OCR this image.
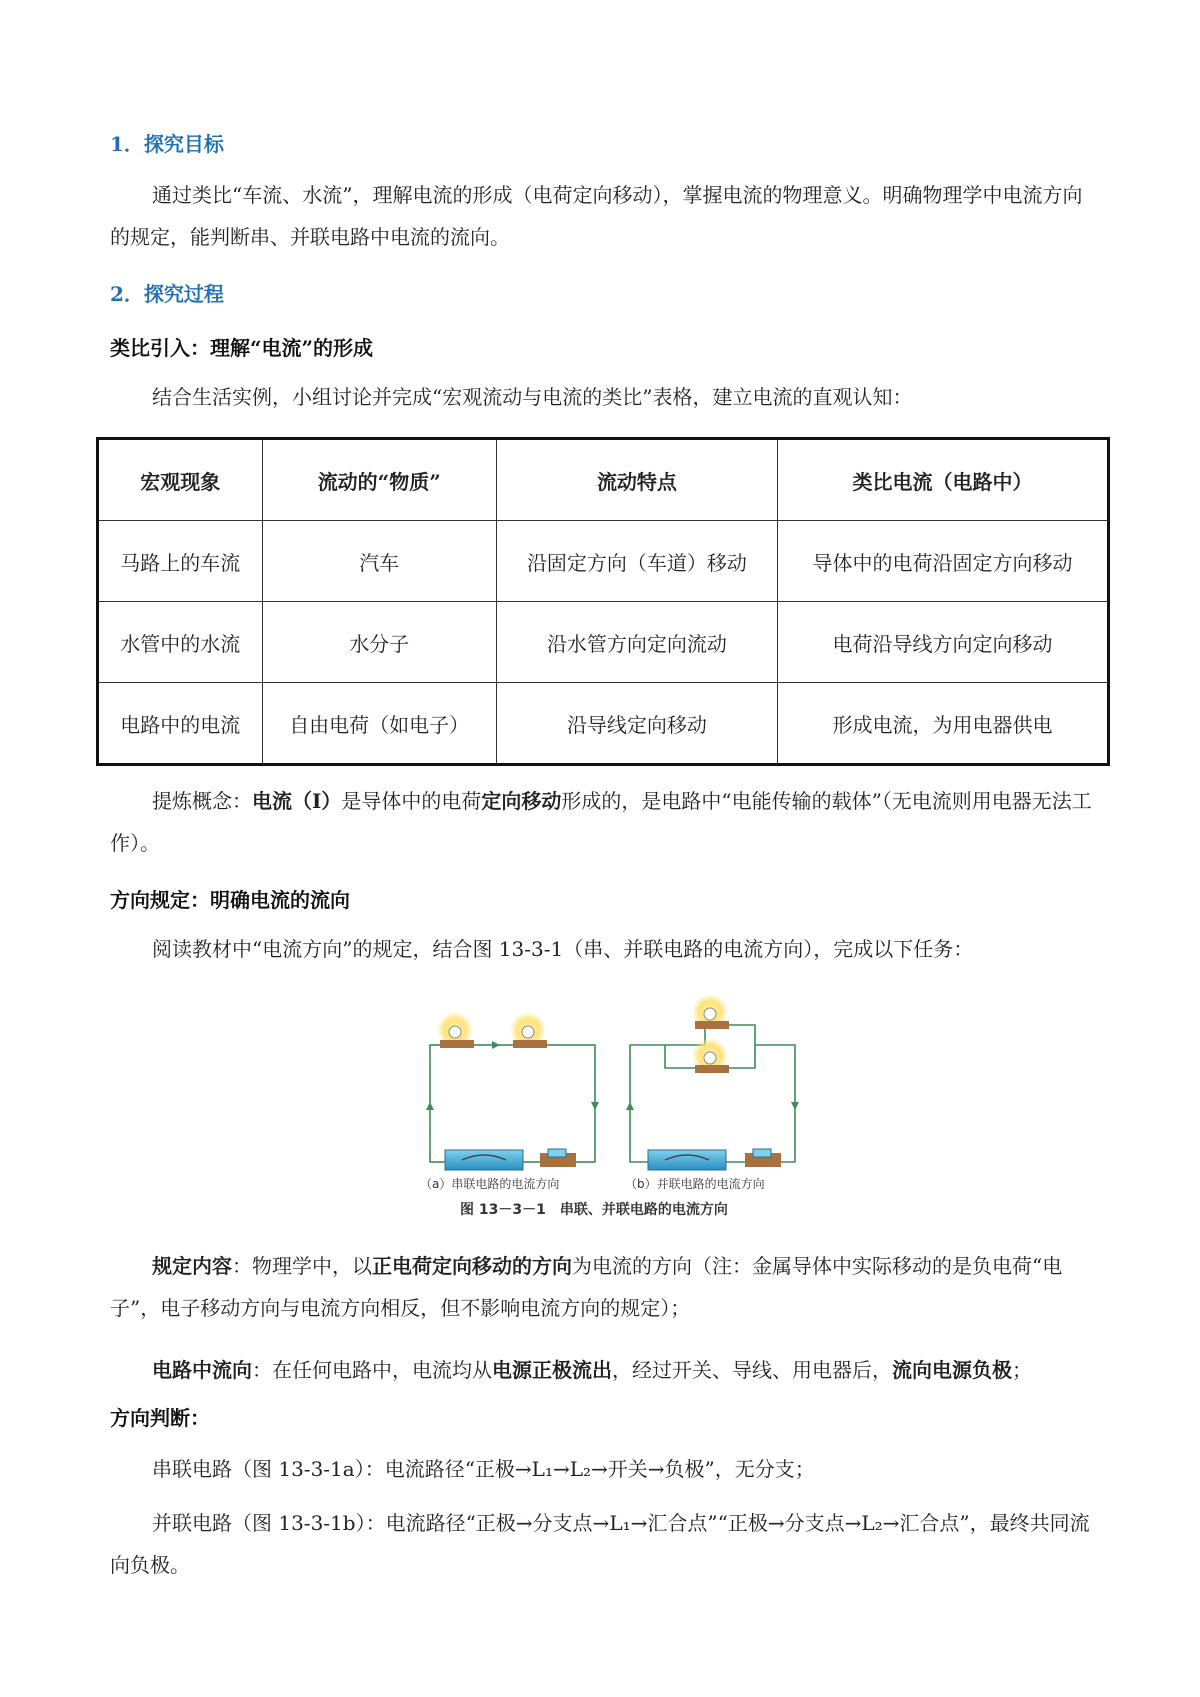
1．探究目标
通过类比“车流、水流”，理解电流的形成（电荷定向移动），掌握电流的物理意义。明确物理学中电流方向的规定，能判断串、并联电路中电流的流向。
2．探究过程
类比引入：理解“电流”的形成
结合生活实例，小组讨论并完成“宏观流动与电流的类比”表格，建立电流的直观认知：
宏观现象	流动的“物质”	流动特点	类比电流（电路中）
马路上的车流	汽车	沿固定方向（车道）移动	导体中的电荷沿固定方向移动
水管中的水流	水分子	沿水管方向定向流动	电荷沿导线方向定向移动
电路中的电流	自由电荷（如电子）	沿导线定向移动	形成电流，为用电器供电
提炼概念：电流（I）是导体中的电荷定向移动形成的，是电路中“电能传输的载体”（无电流则用电器无法工作）。
方向规定：明确电流的流向
阅读教材中“电流方向”的规定，结合图 13-3-1（串、并联电路的电流方向），完成以下任务：
（a）串联电路的电流方向	（b）并联电路的电流方向
图 13－3－1　串联、并联电路的电流方向
规定内容：物理学中，以正电荷定向移动的方向为电流的方向（注：金属导体中实际移动的是负电荷“电子”，电子移动方向与电流方向相反，但不影响电流方向的规定）；
电路中流向：在任何电路中，电流均从电源正极流出，经过开关、导线、用电器后，流向电源负极；
方向判断：
串联电路（图 13-3-1a）：电流路径“正极→L₁→L₂→开关→负极”，无分支；
并联电路（图 13-3-1b）：电流路径“正极→分支点→L₁→汇合点”“正极→分支点→L₂→汇合点”，最终共同流向负极。
